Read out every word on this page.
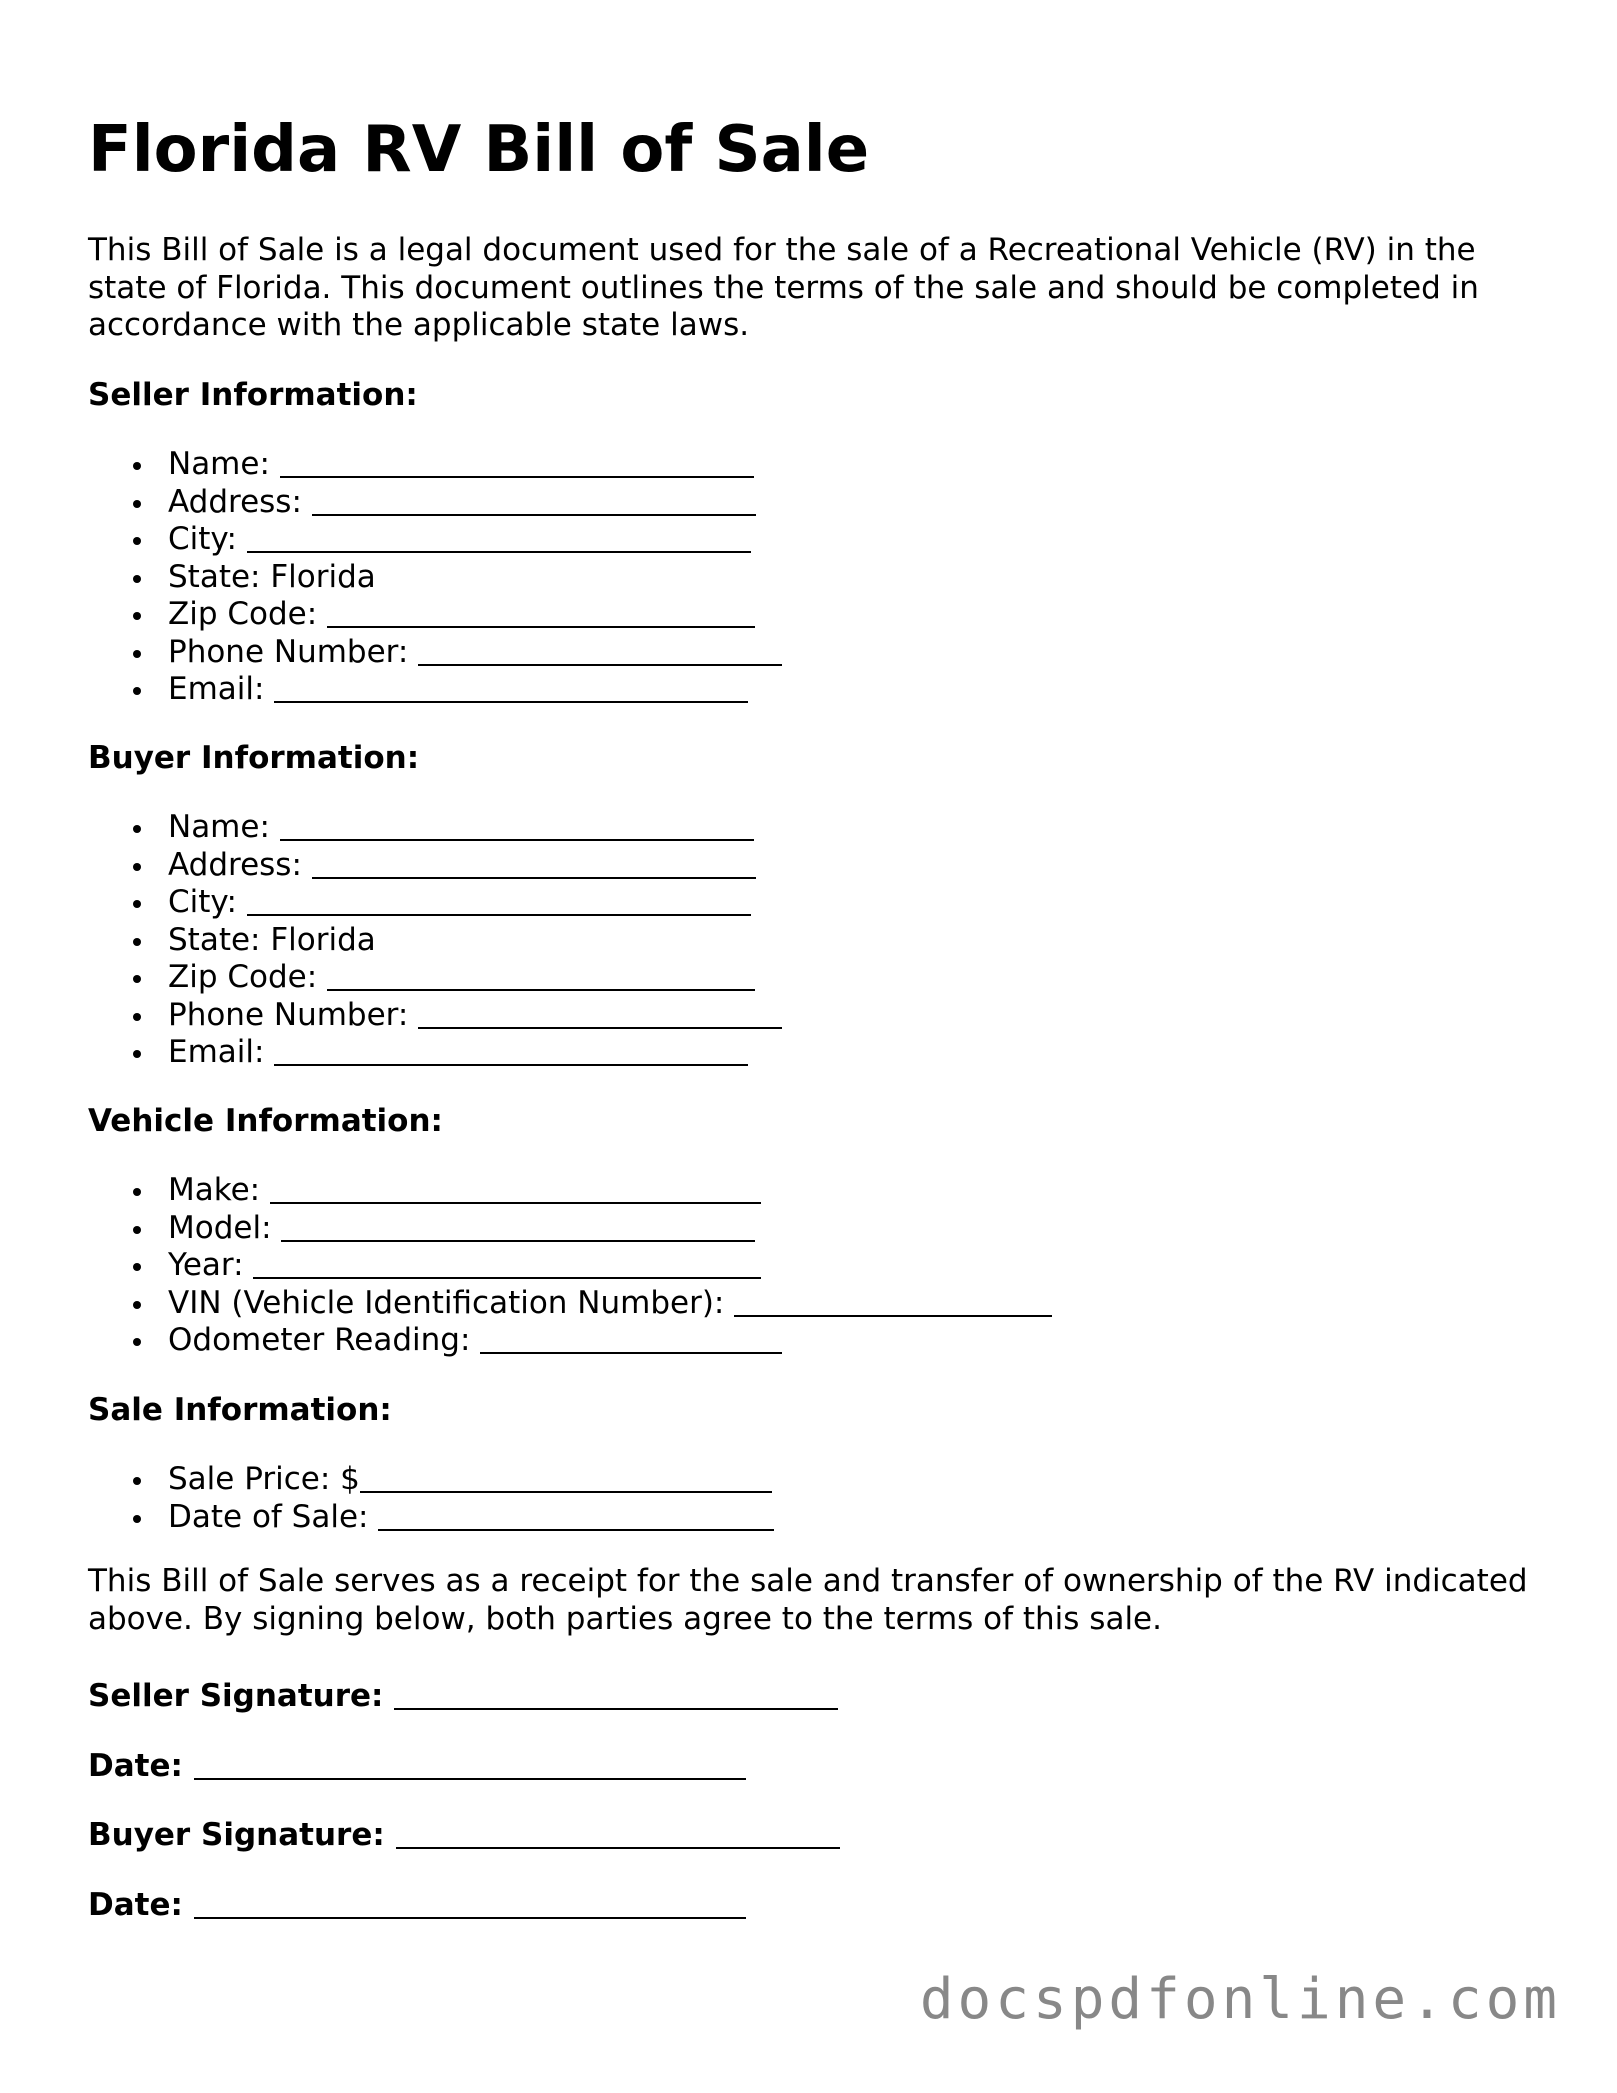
Florida RV Bill of Sale

This Bill of Sale is a legal document used for the sale of a Recreational Vehicle (RV) in the state of Florida. This document outlines the terms of the sale and should be completed in accordance with the applicable state laws.

Seller Information:

Name:
Address:
City:
State: Florida
Zip Code:
Phone Number:
Email:

Buyer Information:

Name:
Address:
City:
State: Florida
Zip Code:
Phone Number:
Email:

Vehicle Information:

Make:
Model:
Year:
VIN (Vehicle Identification Number):
Odometer Reading:

Sale Information:

Sale Price: $
Date of Sale:

This Bill of Sale serves as a receipt for the sale and transfer of ownership of the RV indicated above. By signing below, both parties agree to the terms of this sale.

Seller Signature:
Date:
Buyer Signature:
Date:
docspdfonline.com
